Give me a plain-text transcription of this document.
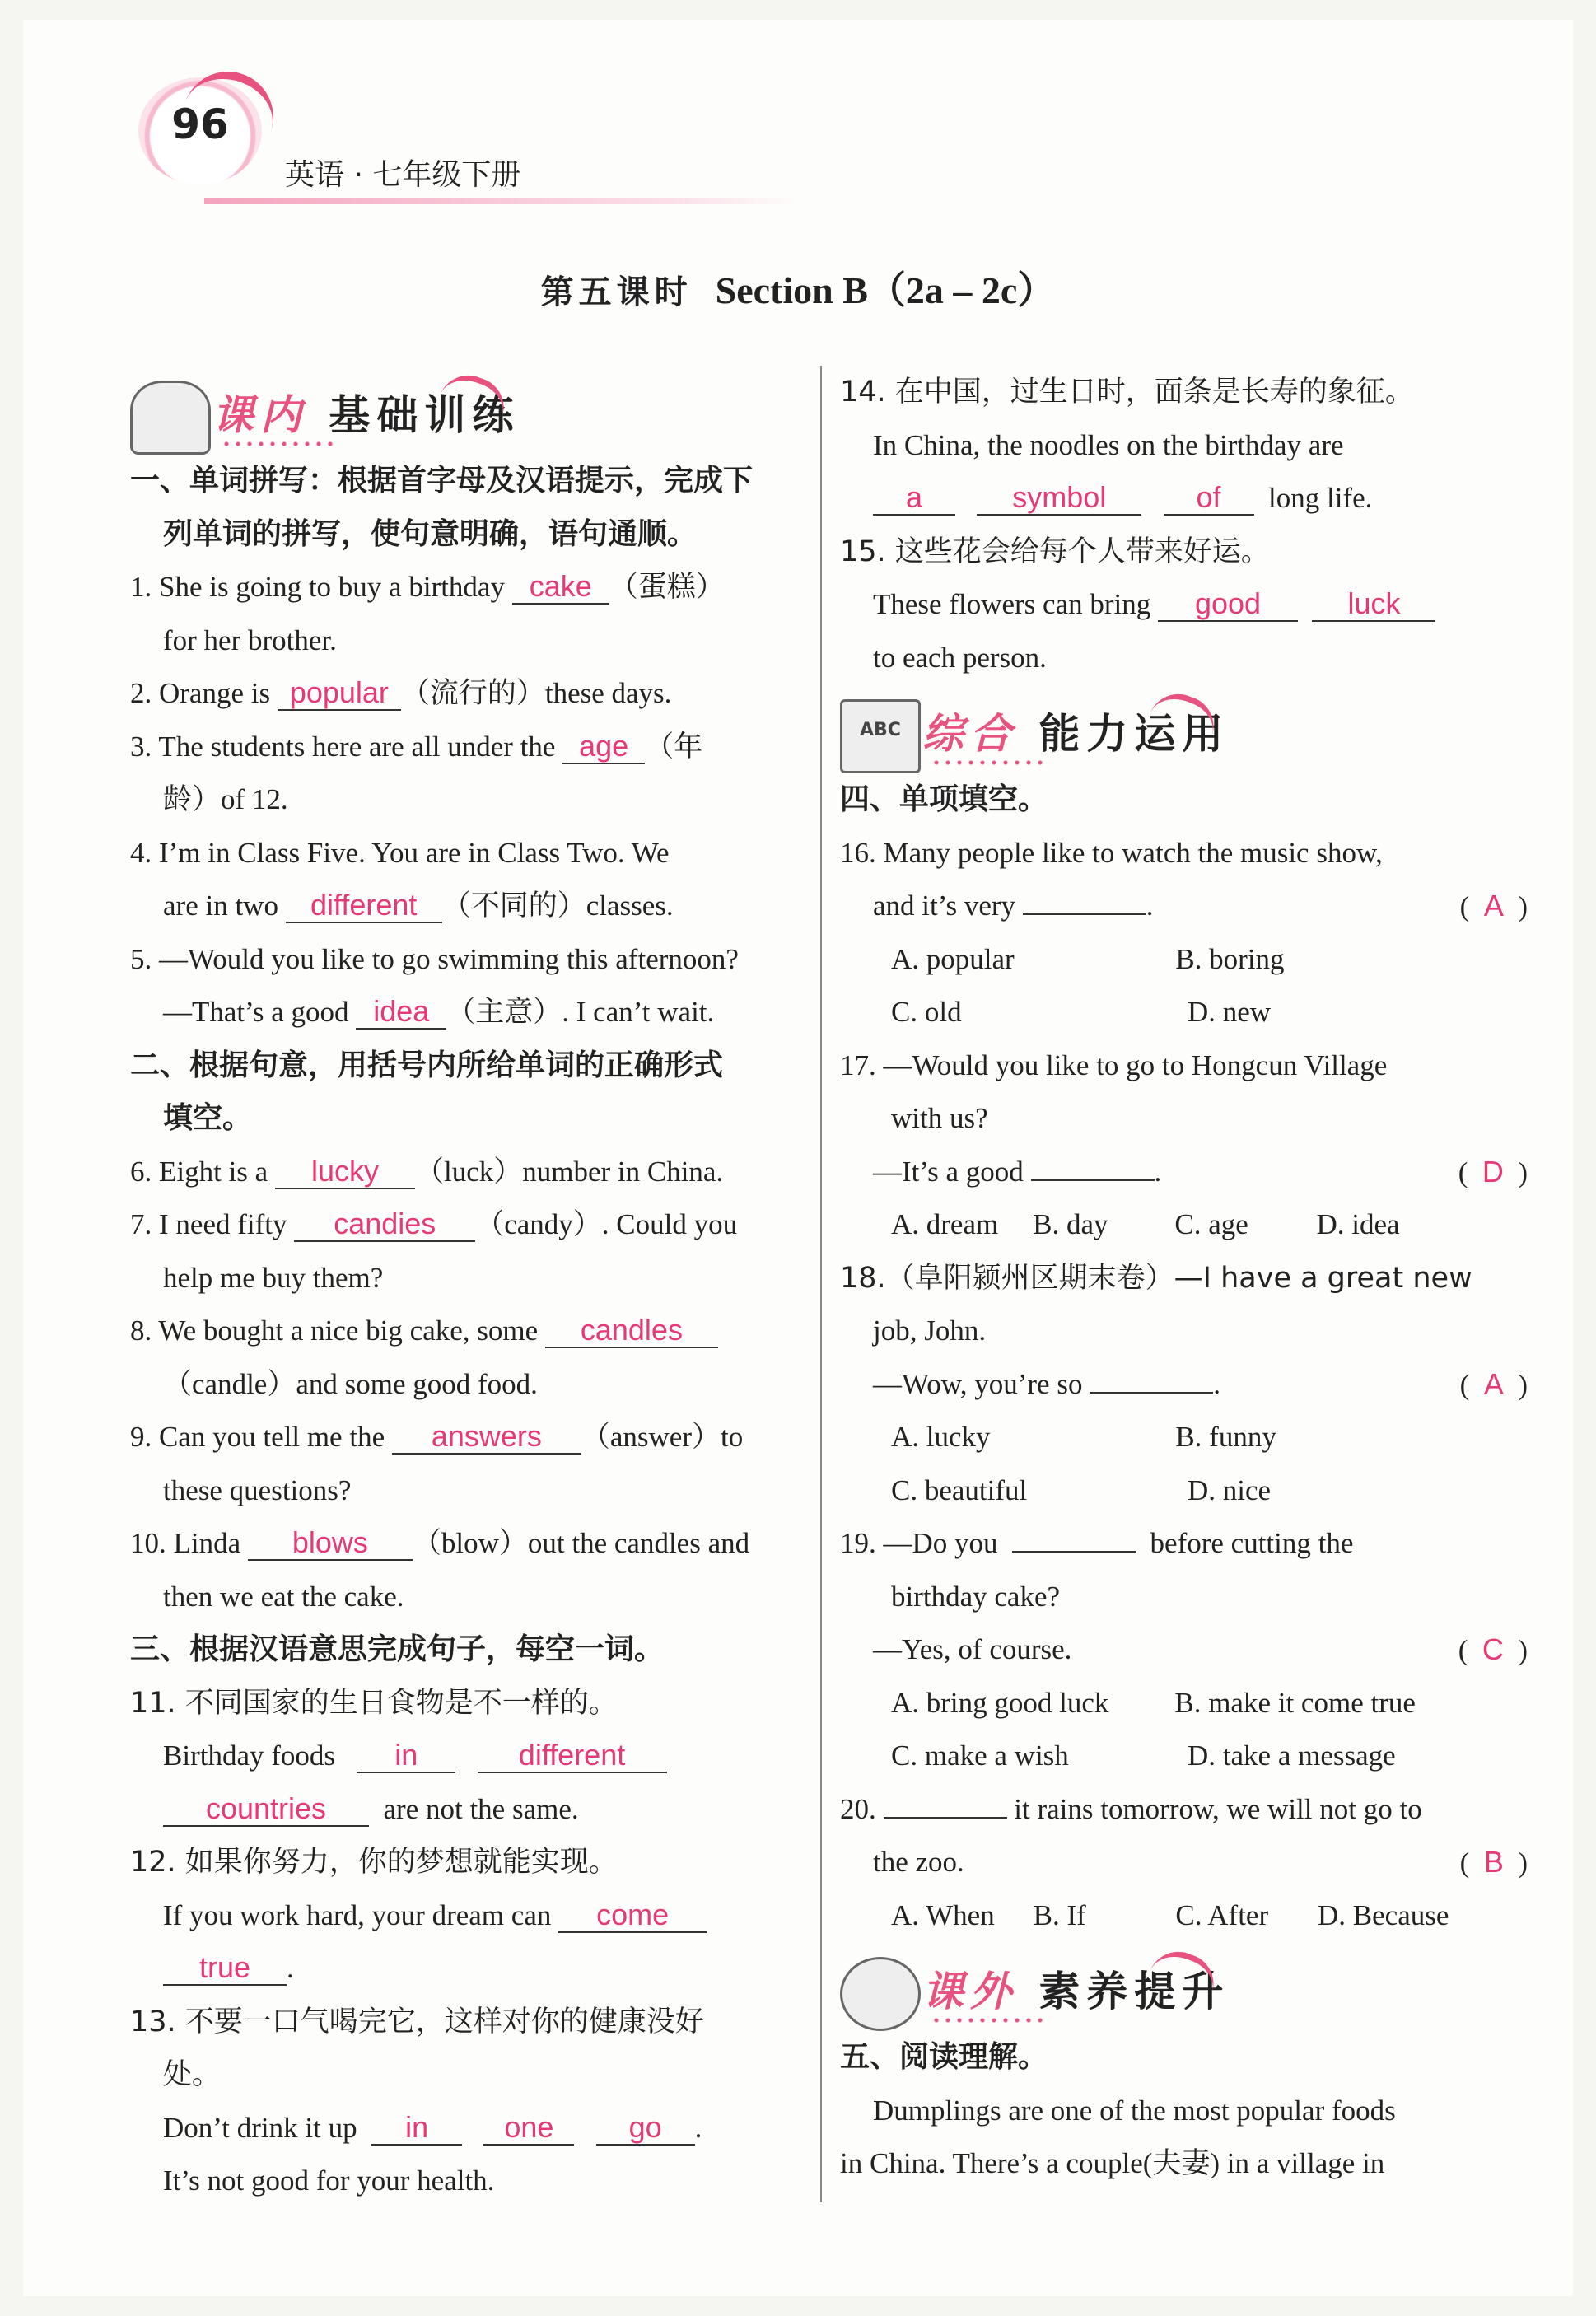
96
英语 · 七年级下册
第五课时 Section B（2a – 2c）
课内 基础训练
一、单词拼写：根据首字母及汉语提示，完成下
列单词的拼写，使句意明确，语句通顺。
1. She is going to buy a birthday cake （蛋糕）
for her brother.
2. Orange is popular （流行的）these days.
3. The students here are all under the age （年
龄）of 12.
4. I’m in Class Five. You are in Class Two. We
are in two different （不同的）classes.
5. —Would you like to go swimming this afternoon?
—That’s a good idea （主意）. I can’t wait.
二、根据句意，用括号内所给单词的正确形式
填空。
6. Eight is a lucky （luck）number in China.
7. I need fifty candies （candy）. Could you
help me buy them?
8. We bought a nice big cake, some candles
（candle）and some good food.
9. Can you tell me the answers （answer）to
these questions?
10. Linda blows （blow）out the candles and
then we eat the cake.
三、根据汉语意思完成句子，每空一词。
11. 不同国家的生日食物是不一样的。
Birthday foods in	different
countries are not the same.
12. 如果你努力，你的梦想就能实现。
If you work hard, your dream can come
true .
13. 不要一口气喝完它，这样对你的健康没好
处。
Don’t drink it up in	one	go .
It’s not good for your health.
14. 在中国，过生日时，面条是长寿的象征。
In China, the noodles on the birthday are
a	symbol	of long life.
15. 这些花会给每个人带来好运。
These flowers can bring good	luck
to each person.
ABC 综合 能力运用
四、单项填空。
16. Many people like to watch the music show,
and it’s very	.	(  A  )
A. popular	B. boring
C. old	D. new
17. —Would you like to go to Hongcun Village
with us?
—It’s a good	.	(  D  )
A. dream	B. day	C. age	D. idea
18.（阜阳颍州区期末卷）—I have a great new
job, John.
—Wow, you’re so	.	(  A  )
A. lucky	B. funny
C. beautiful	D. nice
19. —Do you	before cutting the
birthday cake?
—Yes, of course.	(  C  )
A. bring good luck	B. make it come true
C. make a wish	D. take a message
20.	it rains tomorrow, we will not go to
the zoo.	(  B  )
A. When	B. If	C. After	D. Because
课外 素养提升
五、阅读理解。
Dumplings are one of the most popular foods
in China. There’s a couple(夫妻) in a village in
